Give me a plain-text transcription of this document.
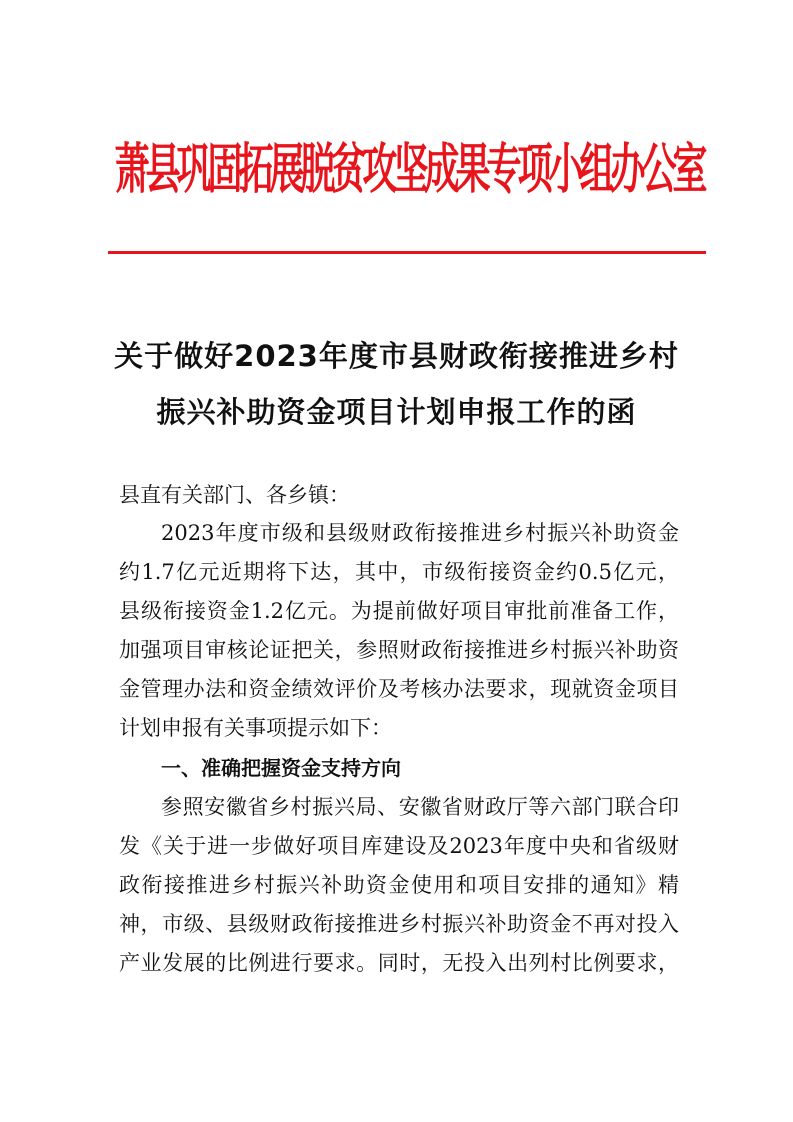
萧县巩固拓展脱贫攻坚成果专项小组办公室
关于做好2023年度市县财政衔接推进乡村
振兴补助资金项目计划申报工作的函
县直有关部门、各乡镇：
2023年度市级和县级财政衔接推进乡村振兴补助资金
约1.7亿元近期将下达，其中，市级衔接资金约0.5亿元，
县级衔接资金1.2亿元。为提前做好项目审批前准备工作，
加强项目审核论证把关，参照财政衔接推进乡村振兴补助资
金管理办法和资金绩效评价及考核办法要求，现就资金项目
计划申报有关事项提示如下：
一、准确把握资金支持方向
参照安徽省乡村振兴局、安徽省财政厅等六部门联合印
发《关于进一步做好项目库建设及2023年度中央和省级财
政衔接推进乡村振兴补助资金使用和项目安排的通知》精
神，市级、县级财政衔接推进乡村振兴补助资金不再对投入
产业发展的比例进行要求。同时，无投入出列村比例要求，
